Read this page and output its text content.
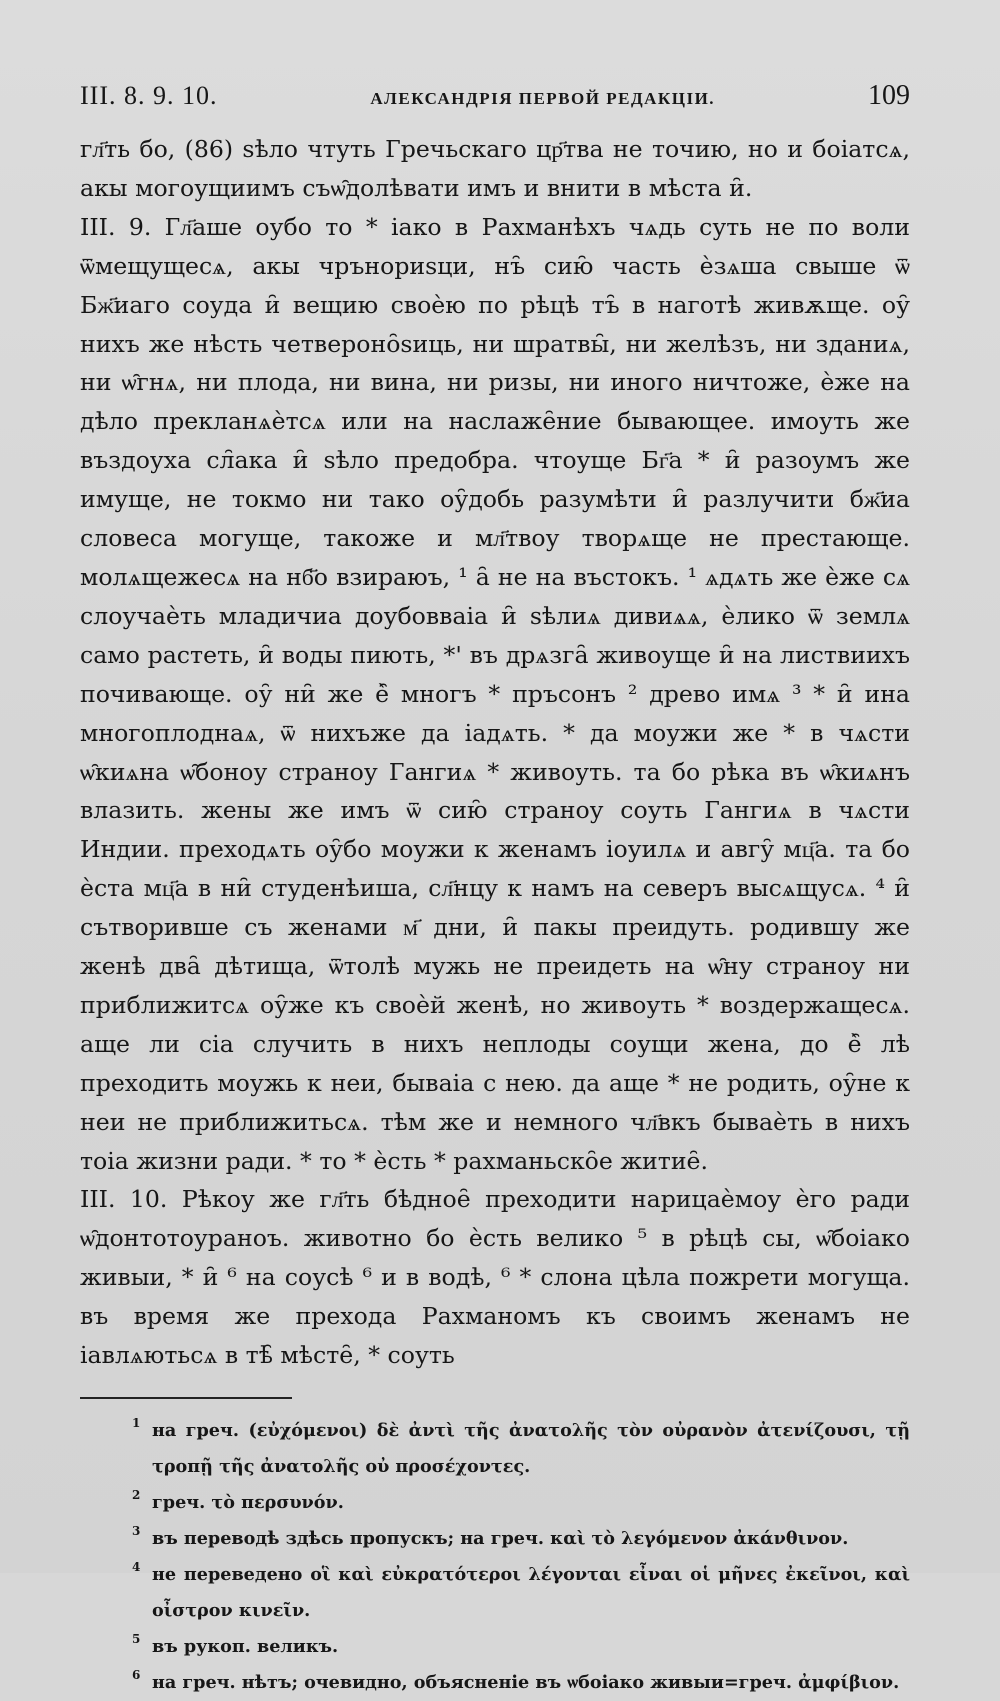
III. 8. 9. 10.	АЛЕКСАНДРІЯ ПЕРВОЙ РЕДАКЦІИ.	109

гл҃ть бо, (86) ѕѣло чтуть Гречьскаго цр҃тва не точию, но и боіатсѧ, акы могоущиимъ съѡ̑долѣвати имъ и внити в мѣста и̑.

III. 9. Гл҃аше оубо то * іако в Рахманѣхъ чѧдь суть не по воли ѿмещущесѧ, акы чрънориѕци, нъ̑ сию̑ часть ѐзѧша свыше ѿ Бж҃иаго соуда и̑ вещию своѐю по рѣцѣ тъ̑ в наготѣ живѫще. оу̑ нихъ же нѣсть четвероно̑ѕиць, ни шратвы̑, ни желѣзъ, ни зданиѧ, ни ѡ̑гнѧ, ни плода, ни вина, ни ризы, ни иного ничтоже, ѐже на дѣло прекланѧѐтсѧ или на наслаже̑ние бывающее. имоуть же въздоуха сл̑ака и̑ ѕѣло предобра. чтоуще Бг҃а * и̑ разоумъ же имуще, не токмо ни тако оу̑добь разумѣти и̑ разлучити бж҃иа словеса могуще, такоже и мл҃твоу творѧще не престающе. молѧщежесѧ на нб҃о взираюъ, ¹ а̑ не на въстокъ. ¹ ѧдѧть же ѐже сѧ слоучаѐть младичиа доубовваіа и̑ ѕѣлиѧ дивиѧѧ, ѐлико ѿ землѧ само растеть, и̑ воды пиють, *' въ дрѧзга̑ живоуще и̑ на листвиихъ почивающе. оу̑ ни̑ же ѐ̑ многъ * пръсонъ ² древо имѧ ³ * и̑ ина многоплоднаѧ, ѿ нихъже да іадѧть. * да моужи же * в чѧсти ѡ̑киѧна ѡ̑боноу страноу Гангиѧ * живоуть. та бо рѣка въ ѡ̑киѧнъ влазить. жены же имъ ѿ сию̑ страноу соуть Гангиѧ в чѧсти Индии. преходѧть оу̑бо моужи к женамъ іоуилѧ и авгу̑ мц҃а. та бо ѐста мц҃а в ни̑ студенѣиша, сл҃нцу к намъ на северъ высѧщусѧ. ⁴ и̑ сътворивше съ женами м҃ дни, и̑ пакы преидуть. родившу же женѣ два̑ дѣтища, ѿтолѣ мужь не преидеть на ѡ̑ну страноу ни приближитсѧ оу̑же къ своѐй женѣ, но живоуть * воздержащесѧ. аще ли сіа случить в нихъ неплоды соущи жена, до ѐ̑ лѣ преходить моужь к неи, бываіа с нею. да аще * не родить, оу̑не к неи не приближитьсѧ. тѣм же и немного чл҃вкъ бываѐть в нихъ тоіа жизни ради. * то * ѐсть * рахманьско̑е житие̑.

III. 10. Рѣкоу же гл҃ть бѣдное̑ преходити нарицаѐмоу ѐго ради ѡ̑донтотоураноъ. животно бо ѐсть велико ⁵ в рѣцѣ сы, ѡ̑боіако живыи, * и̑ ⁶ на соусѣ ⁶ и в водѣ, ⁶ * слона цѣла пожрети могуща. въ время же прехода Рахманомъ къ своимъ женамъ не іавлѧютьсѧ в тѣ̑ мѣсте̑, * соуть

1 на греч. (εὐχόμενοι) δὲ ἀντὶ τῆς ἀνατολῆς τὸν οὐρανὸν ἀτενίζουσι, τῇ τροπῇ τῆς ἀνατολῆς οὐ προσέχοντες.

2 греч. τὸ περσυνόν.

3 въ переводѣ здѣсь пропускъ; на греч. καὶ τὸ λεγόμενον ἀκάνθινον.

4 не переведено οἳ καὶ εὐκρατότεροι λέγονται εἶναι οἱ μῆνες ἐκεῖνοι, καὶ οἶστρον κινεῖν.

5 въ рукоп. великъ.

6 на греч. нѣтъ; очевидно, объясненіе въ ѡбоіако живыи=греч. ἀμφίβιον.
